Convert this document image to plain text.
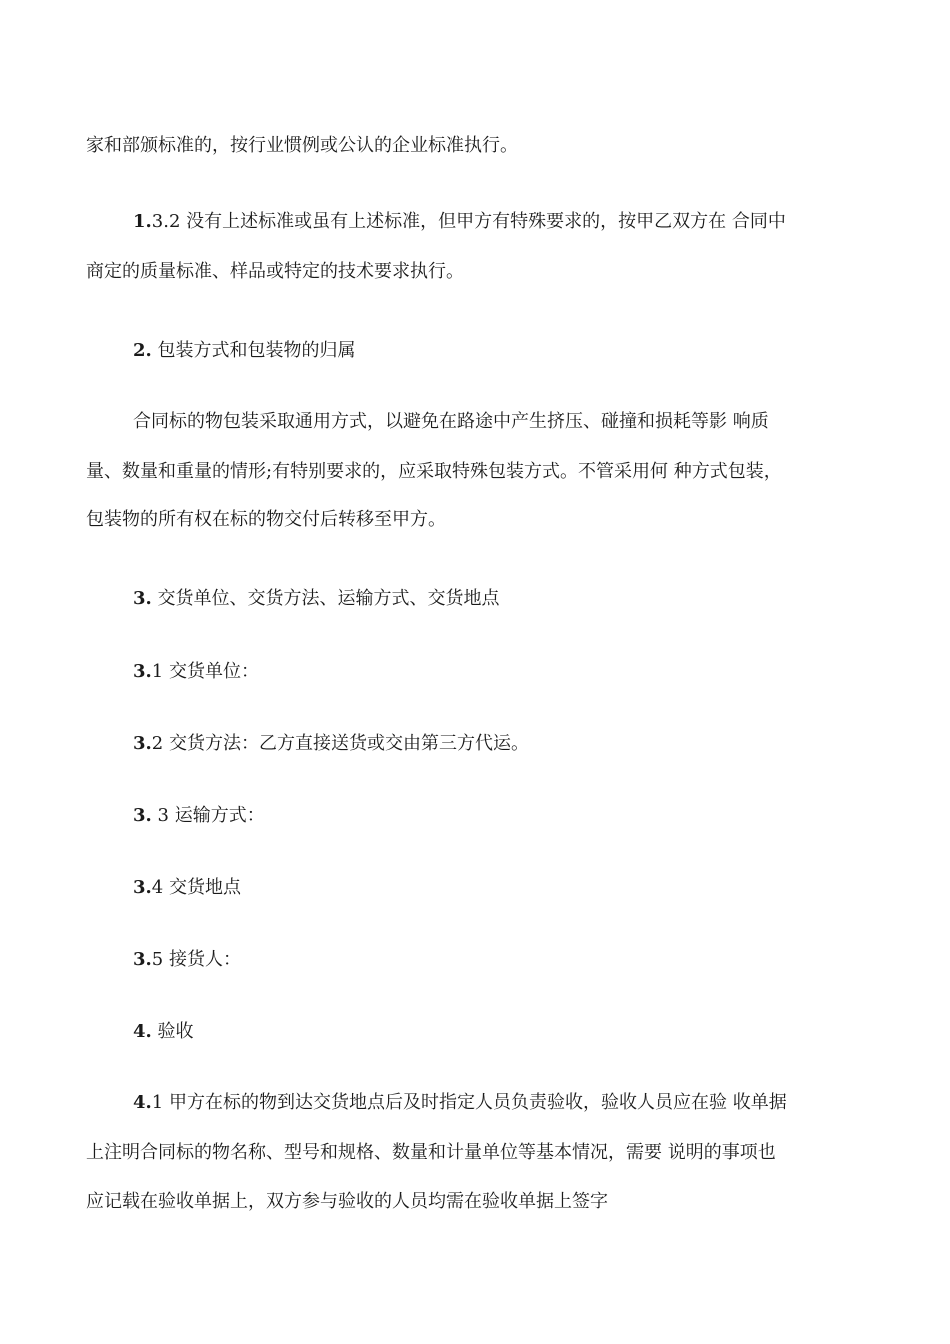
家和部颁标准的，按行业惯例或公认的企业标准执行。

1.3.2 没有上述标准或虽有上述标准，但甲方有特殊要求的，按甲乙双方在 合同中

商定的质量标准、样品或特定的技术要求执行。

2. 包装方式和包装物的归属

合同标的物包装采取通用方式，以避免在路途中产生挤压、碰撞和损耗等影 响质

量、数量和重量的情形;有特别要求的，应采取特殊包装方式。不管采用何 种方式包装，

包装物的所有权在标的物交付后转移至甲方。

3. 交货单位、交货方法、运输方式、交货地点

3.1 交货单位：

3.2 交货方法：乙方直接送货或交由第三方代运。

3. 3 运输方式：

3.4 交货地点

3.5 接货人：

4. 验收

4.1 甲方在标的物到达交货地点后及时指定人员负责验收，验收人员应在验 收单据

上注明合同标的物名称、型号和规格、数量和计量单位等基本情况，需要 说明的事项也

应记载在验收单据上，双方参与验收的人员均需在验收单据上签字
